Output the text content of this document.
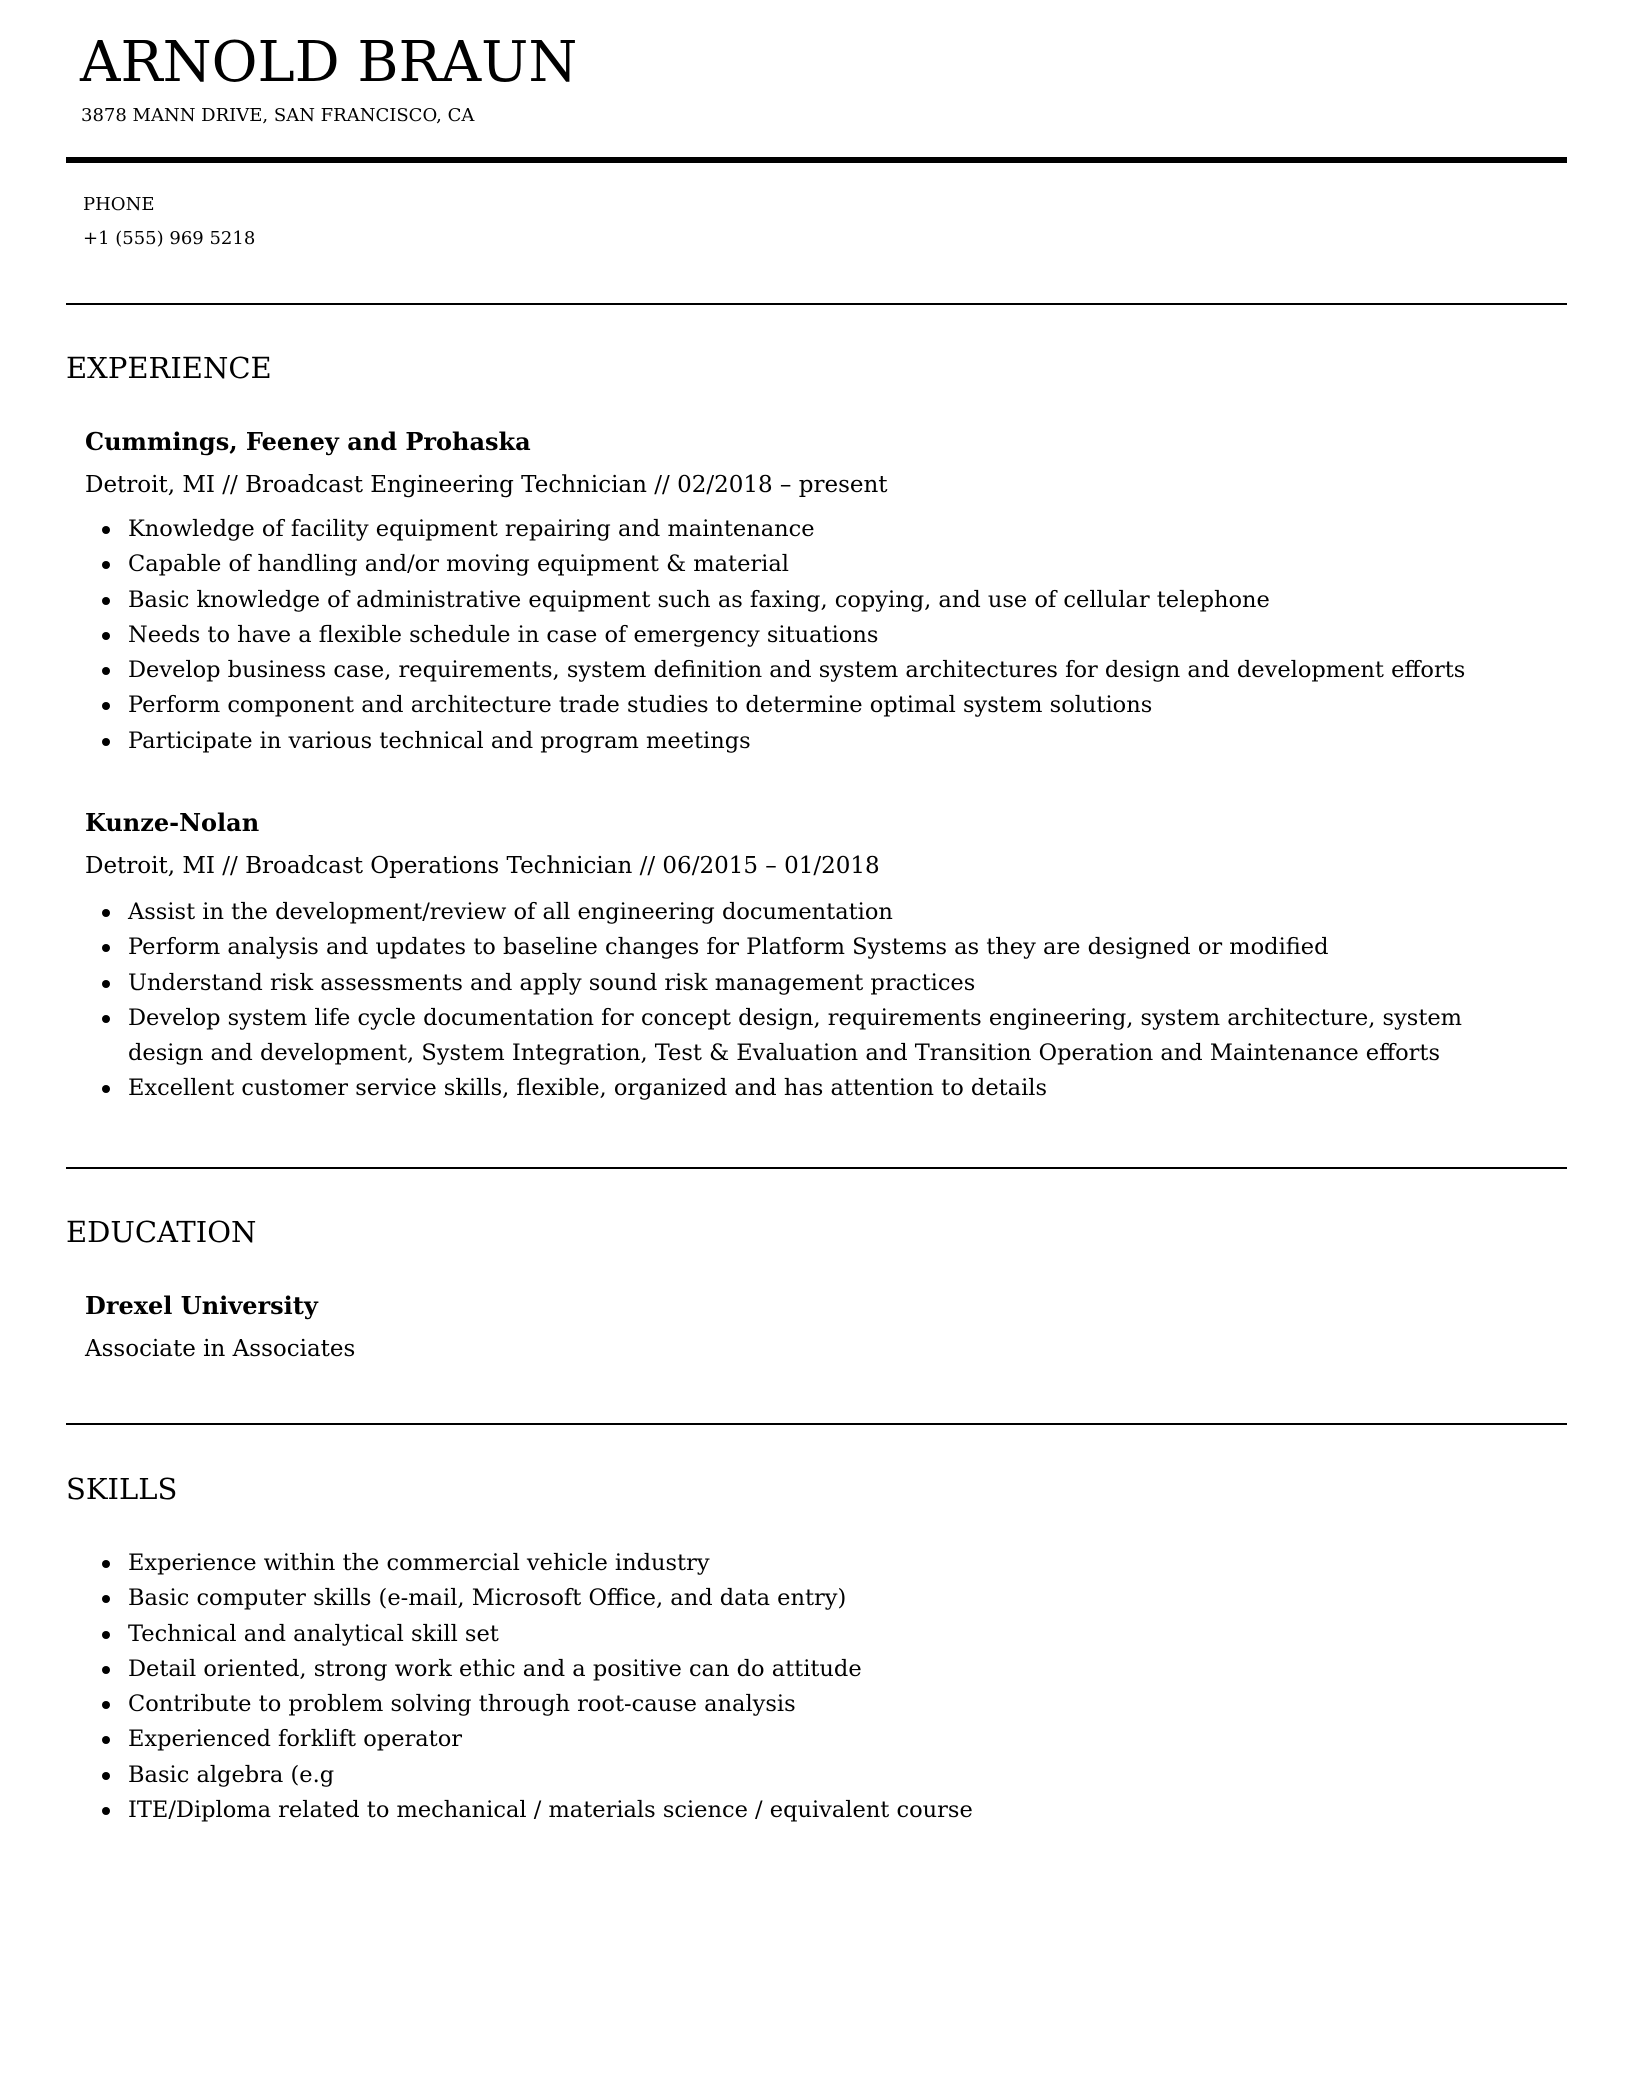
ARNOLD BRAUN
3878 MANN DRIVE, SAN FRANCISCO, CA
PHONE
+1 (555) 969 5218
EXPERIENCE
Cummings, Feeney and Prohaska
Detroit, MI // Broadcast Engineering Technician // 02/2018 – present
Knowledge of facility equipment repairing and maintenance
Capable of handling and/or moving equipment & material
Basic knowledge of administrative equipment such as faxing, copying, and use of cellular telephone
Needs to have a flexible schedule in case of emergency situations
Develop business case, requirements, system definition and system architectures for design and development efforts
Perform component and architecture trade studies to determine optimal system solutions
Participate in various technical and program meetings
Kunze-Nolan
Detroit, MI // Broadcast Operations Technician // 06/2015 – 01/2018
Assist in the development/review of all engineering documentation
Perform analysis and updates to baseline changes for Platform Systems as they are designed or modified
Understand risk assessments and apply sound risk management practices
Develop system life cycle documentation for concept design, requirements engineering, system architecture, system design and development, System Integration, Test & Evaluation and Transition Operation and Maintenance efforts
Excellent customer service skills, flexible, organized and has attention to details
EDUCATION
Drexel University
Associate in Associates
SKILLS
Experience within the commercial vehicle industry
Basic computer skills (e-mail, Microsoft Office, and data entry)
Technical and analytical skill set
Detail oriented, strong work ethic and a positive can do attitude
Contribute to problem solving through root-cause analysis
Experienced forklift operator
Basic algebra (e.g
ITE/Diploma related to mechanical / materials science / equivalent course
